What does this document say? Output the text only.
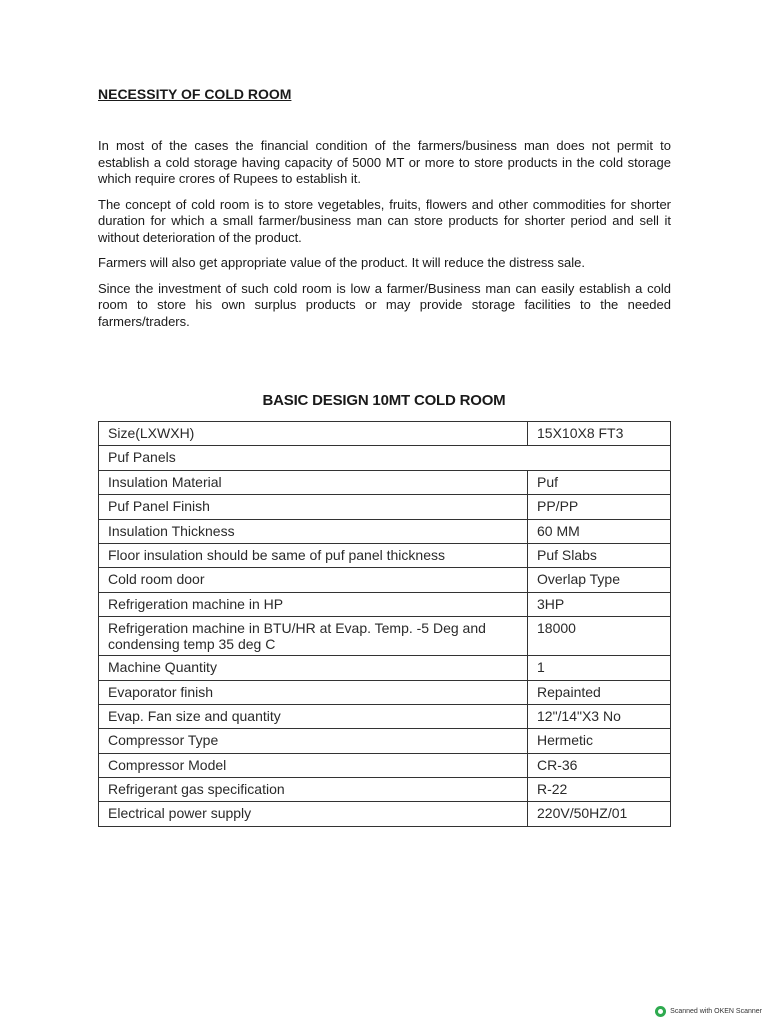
NECESSITY OF COLD ROOM

In most of the cases the financial condition of the farmers/business man does not permit to establish a cold storage having capacity of 5000 MT or more to store products in the cold storage which require crores of Rupees to establish it.

The concept of cold room is to store vegetables, fruits, flowers and other commodities for shorter duration for which a small farmer/business man can store products for shorter period and sell it without deterioration of the product.

Farmers will also get appropriate value of the product. It will reduce the distress sale.

Since the investment of such cold room is low a farmer/Business man can easily establish a cold room to store his own surplus products or may provide storage facilities to the needed farmers/traders.

BASIC DESIGN 10MT COLD ROOM
Size(LXWXH)	15X10X8 FT3
Puf Panels	
Insulation Material	Puf
Puf Panel Finish	PP/PP
Insulation Thickness	60 MM
Floor insulation should be same of puf panel thickness	Puf Slabs
Cold room door	Overlap Type
Refrigeration machine in HP	3HP
Refrigeration machine in BTU/HR at Evap. Temp. -5 Deg and condensing temp 35 deg C	18000
Machine Quantity	1
Evaporator finish	Repainted
Evap. Fan size and quantity	12"/14"X3 No
Compressor Type	Hermetic
Compressor Model	CR-36
Refrigerant gas specification	R-22
Electrical power supply	220V/50HZ/01
Scanned with OKEN Scanner
